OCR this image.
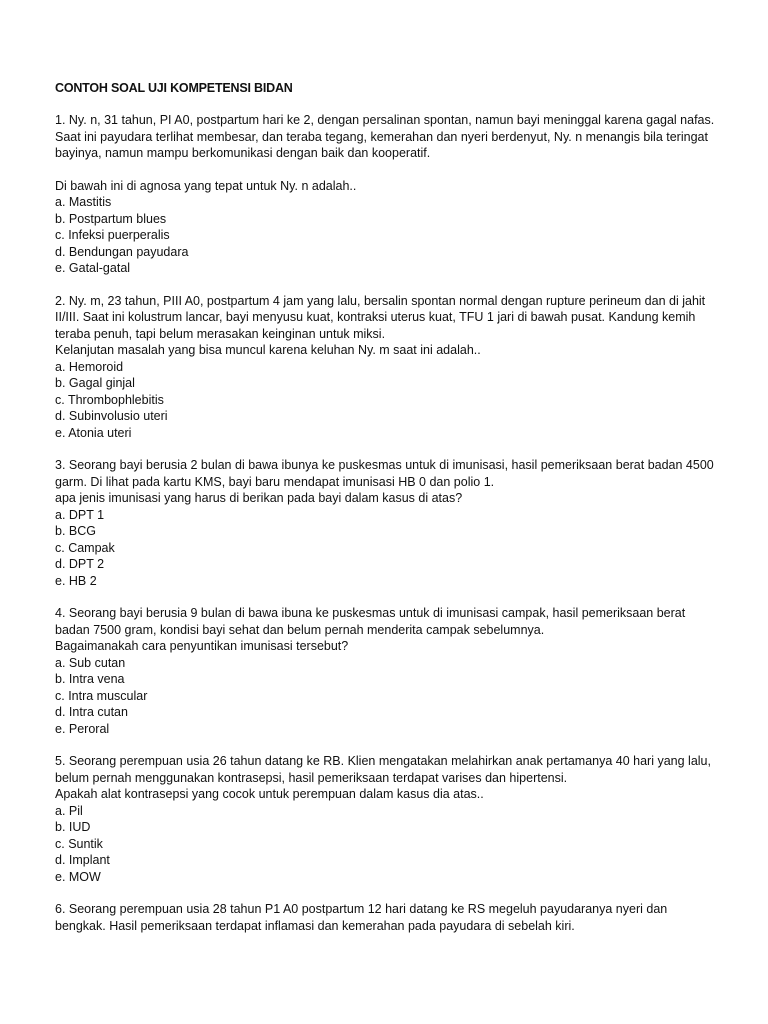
CONTOH SOAL UJI KOMPETENSI BIDAN

1. Ny. n, 31 tahun, PI A0, postpartum hari ke 2, dengan persalinan spontan, namun bayi meninggal karena gagal nafas. Saat ini payudara terlihat membesar, dan teraba tegang, kemerahan dan nyeri berdenyut, Ny. n menangis bila teringat bayinya, namun mampu berkomunikasi dengan baik dan kooperatif.

Di bawah ini di agnosa yang tepat untuk Ny. n adalah..

a. Mastitis
b. Postpartum blues
c. Infeksi puerperalis
d. Bendungan payudara
e. Gatal-gatal

2. Ny. m, 23 tahun, PIII A0, postpartum 4 jam yang lalu, bersalin spontan normal dengan rupture perineum dan di jahit II/III. Saat ini kolustrum lancar, bayi menyusu kuat, kontraksi uterus kuat, TFU 1 jari di bawah pusat. Kandung kemih teraba penuh, tapi belum merasakan keinginan untuk miksi.

Kelanjutan masalah yang bisa muncul karena keluhan Ny. m saat ini adalah..

a. Hemoroid
b. Gagal ginjal
c. Thrombophlebitis
d. Subinvolusio uteri
e. Atonia uteri

3. Seorang bayi berusia 2 bulan di bawa ibunya ke puskesmas untuk di imunisasi, hasil pemeriksaan berat badan 4500 garm. Di lihat pada kartu KMS, bayi baru mendapat imunisasi HB 0 dan polio 1.

apa jenis imunisasi yang harus di berikan pada bayi dalam kasus di atas?

a. DPT 1
b. BCG
c. Campak
d. DPT 2
e. HB 2

4. Seorang bayi berusia 9 bulan di bawa ibuna ke puskesmas untuk di imunisasi campak, hasil pemeriksaan berat badan 7500 gram, kondisi bayi sehat dan belum pernah menderita campak sebelumnya.

Bagaimanakah cara penyuntikan imunisasi tersebut?

a. Sub cutan
b. Intra vena
c. Intra muscular
d. Intra cutan
e. Peroral

5. Seorang perempuan usia 26 tahun datang ke RB. Klien mengatakan melahirkan anak pertamanya 40 hari yang lalu, belum pernah menggunakan kontrasepsi, hasil pemeriksaan terdapat varises dan hipertensi.

Apakah alat kontrasepsi yang cocok untuk perempuan dalam kasus dia atas..

a. Pil
b. IUD
c. Suntik
d. Implant
e. MOW

6. Seorang perempuan usia 28 tahun P1 A0 postpartum 12 hari datang ke RS megeluh payudaranya nyeri dan bengkak. Hasil pemeriksaan terdapat inflamasi dan kemerahan pada payudara di sebelah kiri.
